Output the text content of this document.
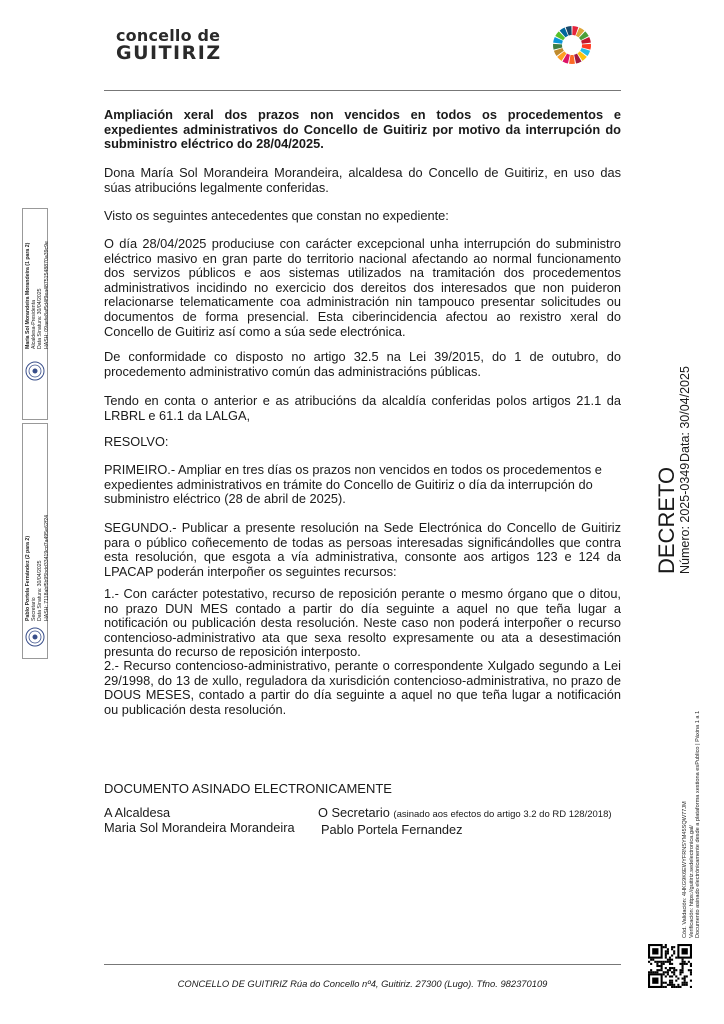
concello de
GUITIRIZ

Ampliación xeral dos prazos non vencidos en todos os procedementos e expedientes administrativos do Concello de Guitiriz por motivo da interrupción do subministro eléctrico do 28/04/2025.

Dona María Sol Morandeira Morandeira, alcaldesa do Concello de Guitiriz, en uso das súas atribucións legalmente conferidas.

Visto os seguintes antecedentes que constan no expediente:

O día 28/04/2025 produciuse con carácter excepcional unha interrupción do subministro eléctrico masivo en gran parte do territorio nacional afectando ao normal funcionamento dos servizos públicos e aos sistemas utilizados na tramitación dos procedementos administrativos incidindo no exercicio dos dereitos dos interesados que non puideron relacionarse telematicamente coa administración nin tampouco presentar solicitudes ou documentos de forma presencial. Esta ciberincidencia afectou ao rexistro xeral do Concello de Guitiriz así como a súa sede electrónica.

De conformidade co disposto no artigo 32.5 na Lei 39/2015, do 1 de outubro, do procedemento administrativo común das administracións públicas.

Tendo en conta o anterior e as atribucións da alcaldía conferidas polos artigos 21.1 da LRBRL e 61.1 da LALGA,

RESOLVO:

PRIMEIRO.- Ampliar en tres días os prazos non vencidos en todos os procedementos e expedientes administrativos en trámite do Concello de Guitiriz o día da interrupción do subministro eléctrico (28 de abril de 2025).

SEGUNDO.- Publicar a presente resolución na Sede Electrónica do Concello de Guitiriz para o público coñecemento de todas as persoas interesadas significándolles que contra esta resolución, que esgota a vía administrativa, consonte aos artigos 123 e 124 da LPACAP poderán interpoñer os seguintes recursos:

1.- Con carácter potestativo, recurso de reposición perante o mesmo órgano que o ditou, no prazo DUN MES contado a partir do día seguinte a aquel no que teña lugar a notificación ou publicación desta resolución. Neste caso non poderá interpoñer o recurso contencioso-administrativo ata que sexa resolto expresamente ou ata a desestimación presunta do recurso de reposición interposto.

2.- Recurso contencioso-administrativo, perante o correspondente Xulgado segundo a Lei 29/1998, do 13 de xullo, reguladora da xurisdición contencioso-administrativa, no prazo de DOUS MESES, contado a partir do día seguinte a aquel no que teña lugar a notificación ou publicación desta resolución.

DOCUMENTO ASINADO ELECTRONICAMENTE
A Alcaldesa
Maria Sol Morandeira Morandeira
O Secretario (asinado aos efectos do artigo 3.2 do RD 128/2018)
Pablo Portela Fernandez
CONCELLO DE GUITIRIZ Rúa do Concello nº4, Guitiriz. 27300 (Lugo). Tfno. 982370109
Maria Sol Morandeira Morandeira (1 para 2) Alcaldesa-Presidenta Data Sinatura: 30/04/2025 HASH: 09aefe8af5d4f9ea48751548870a39c9e
Pablo Portela Fernández (2 para 2) Secretario Data Sinatura: 30/04/2025 HASH: 7118abf5b95bdd33419cd7a495e62f24	DECRETO Número: 2025-0349
Data: 30/04/2025
Cód. Validación: 4HKG9K6EWYFRNSYM45SQW77JM Verificación: https://guitiriz.sedelectronica.gal/ Documento asinado electrónicamente desde a plataforma xestiona esPublico | Páxina 1 a 1
